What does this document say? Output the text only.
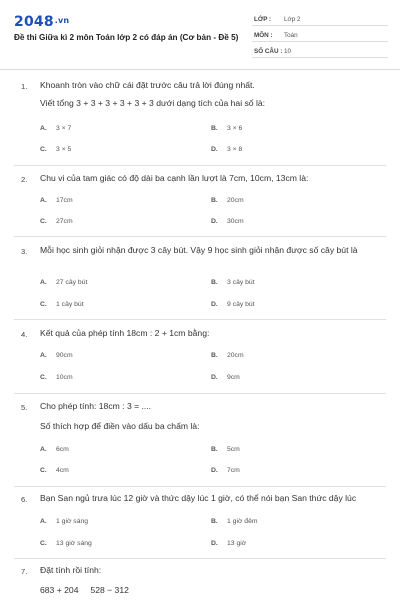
$2048^{.vn}$
Đề thi Giữa kì 2 môn Toán lớp 2 có đáp án (Cơ bản - Đề 5)
LỚP : Lớp 2
MÔN : Toán
SỐ CÂU : 10
1. Khoanh tròn vào chữ cái đặt trước câu trả lời đúng nhất.
Viết tổng 3 + 3 + 3 + 3 + 3 + 3 dưới dạng tích của hai số là:
A. 3 × 7	B. 3 × 6
C. 3 × 5	D. 3 × 8
2. Chu vi của tam giác có độ dài ba cạnh lần lượt là 7cm, 10cm, 13cm là:
A. 17cm	B. 20cm
C. 27cm	D. 30cm
3. Mỗi học sinh giỏi nhận được 3 cây bút. Vậy 9 học sinh giỏi nhận được số cây bút là
A. 27 cây bút	B. 3 cây bút
C. 1 cây bút	D. 9 cây bút
4. Kết quả của phép tính 18cm : 2 + 1cm bằng:
A. 90cm	B. 20cm
C. 10cm	D. 9cm
5. Cho phép tính: 18cm : 3 = ....
Số thích hợp để điền vào dấu ba chấm là:
A. 6cm	B. 5cm
C. 4cm	D. 7cm
6. Bạn San ngủ trưa lúc 12 giờ và thức dậy lúc 1 giờ, có thể nói bạn San thức dậy lúc
A. 1 giờ sáng	B. 1 giờ đêm
C. 13 giờ sáng	D. 13 giờ
7. Đặt tính rồi tính:
683 + 204     528 − 312
